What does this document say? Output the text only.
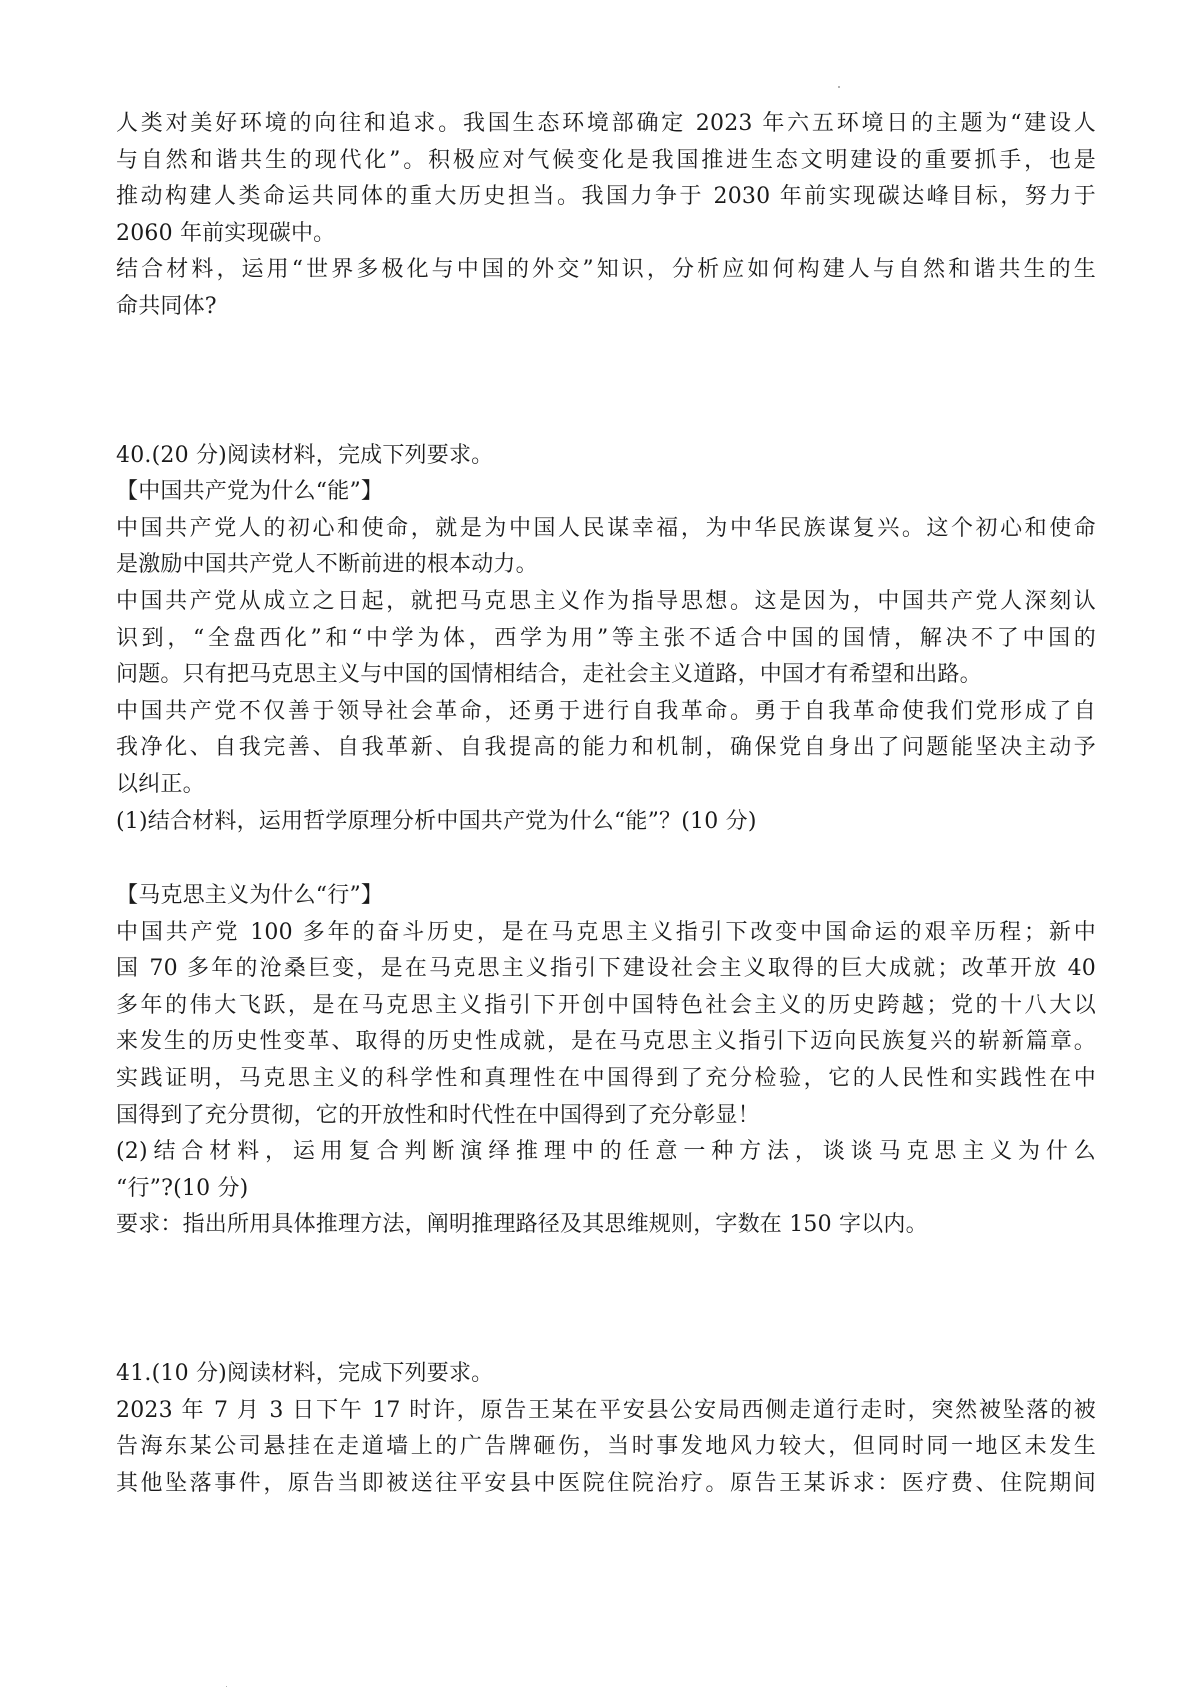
人类对美好环境的向往和追求。我国生态环境部确定 2023 年六五环境日的主题为“建设人
与自然和谐共生的现代化”。积极应对气候变化是我国推进生态文明建设的重要抓手，也是
推动构建人类命运共同体的重大历史担当。我国力争于 2030 年前实现碳达峰目标，努力于
2060 年前实现碳中。
结合材料，运用“世界多极化与中国的外交”知识，分析应如何构建人与自然和谐共生的生
命共同体?
40.(20 分)阅读材料，完成下列要求。
【中国共产党为什么“能”】
中国共产党人的初心和使命，就是为中国人民谋幸福，为中华民族谋复兴。这个初心和使命
是激励中国共产党人不断前进的根本动力。
中国共产党从成立之日起，就把马克思主义作为指导思想。这是因为，中国共产党人深刻认
识到，“全盘西化”和“中学为体，西学为用”等主张不适合中国的国情，解决不了中国的
问题。只有把马克思主义与中国的国情相结合，走社会主义道路，中国才有希望和出路。
中国共产党不仅善于领导社会革命，还勇于进行自我革命。勇于自我革命使我们党形成了自
我净化、自我完善、自我革新、自我提高的能力和机制，确保党自身出了问题能坚决主动予
以纠正。
(1)结合材料，运用哲学原理分析中国共产党为什么“能”？(10 分)
【马克思主义为什么“行”】
中国共产党 100 多年的奋斗历史，是在马克思主义指引下改变中国命运的艰辛历程；新中
国 70 多年的沧桑巨变，是在马克思主义指引下建设社会主义取得的巨大成就；改革开放 40
多年的伟大飞跃，是在马克思主义指引下开创中国特色社会主义的历史跨越；党的十八大以
来发生的历史性变革、取得的历史性成就，是在马克思主义指引下迈向民族复兴的崭新篇章。
实践证明，马克思主义的科学性和真理性在中国得到了充分检验，它的人民性和实践性在中
国得到了充分贯彻，它的开放性和时代性在中国得到了充分彰显！
(2)结合材料，运用复合判断演绎推理中的任意一种方法，谈谈马克思主义为什么
“行”?(10 分)
要求：指出所用具体推理方法，阐明推理路径及其思维规则，字数在 150 字以内。
41.(10 分)阅读材料，完成下列要求。
2023 年 7 月 3 日下午 17 时许，原告王某在平安县公安局西侧走道行走时，突然被坠落的被
告海东某公司悬挂在走道墙上的广告牌砸伤，当时事发地风力较大，但同时同一地区未发生
其他坠落事件，原告当即被送往平安县中医院住院治疗。原告王某诉求：医疗费、住院期间
